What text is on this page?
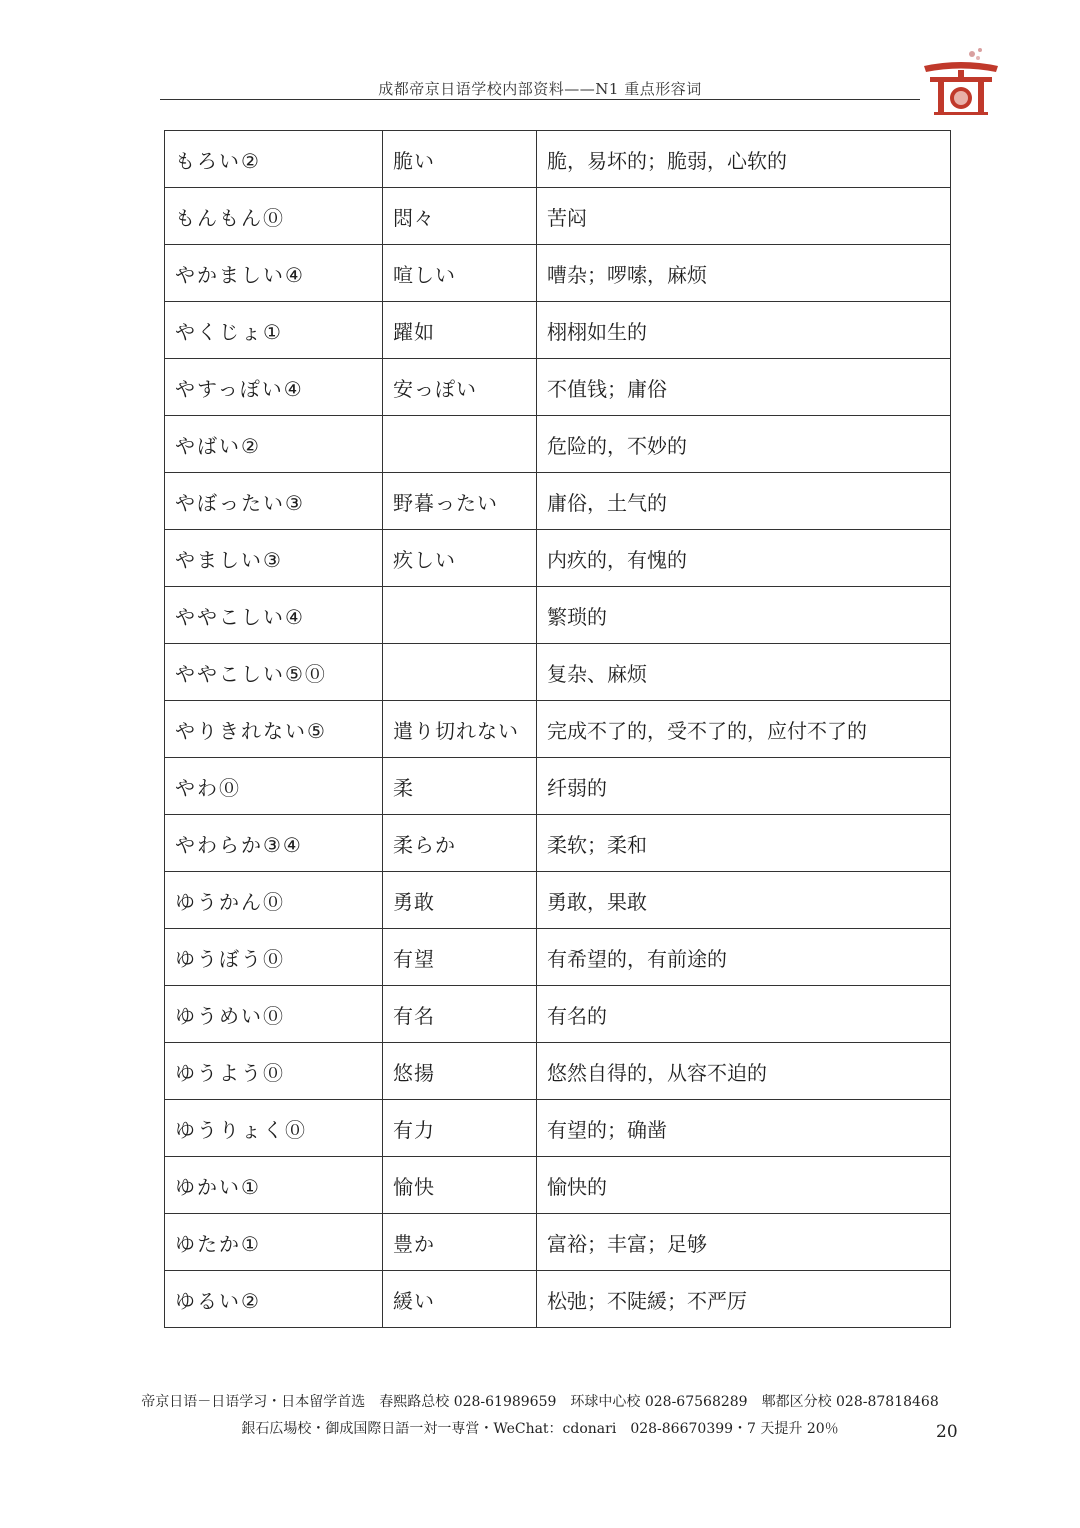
成都帝京日语学校内部资料——N1 重点形容词
もろい②	脆い	脆，易坏的；脆弱，心软的
もんもん⓪	悶々	苦闷
やかましい④	喧しい	嘈杂；啰嗦，麻烦
やくじょ①	躍如	栩栩如生的
やすっぽい④	安っぽい	不值钱；庸俗
やばい②		危险的，不妙的
やぼったい③	野暮ったい	庸俗，土气的
やましい③	疚しい	内疚的，有愧的
ややこしい④		繁琐的
ややこしい⑤⓪		复杂、麻烦
やりきれない⑤	遣り切れない	完成不了的，受不了的，应付不了的
やわ⓪	柔	纤弱的
やわらか③④	柔らか	柔软；柔和
ゆうかん⓪	勇敢	勇敢，果敢
ゆうぼう⓪	有望	有希望的，有前途的
ゆうめい⓪	有名	有名的
ゆうよう⓪	悠揚	悠然自得的，从容不迫的
ゆうりょく⓪	有力	有望的；确凿
ゆかい①	愉快	愉快的
ゆたか①	豊か	富裕；丰富；足够
ゆるい②	緩い	松弛；不陡緩；不严厉
帝京日语－日语学习・日本留学首选　春熙路总校 028-61989659　环球中心校 028-67568289　郫都区分校 028-87818468
銀石広場校・御成国際日語一対一専営・WeChat：cdonari　028-86670399・7 天提升 20％	20
